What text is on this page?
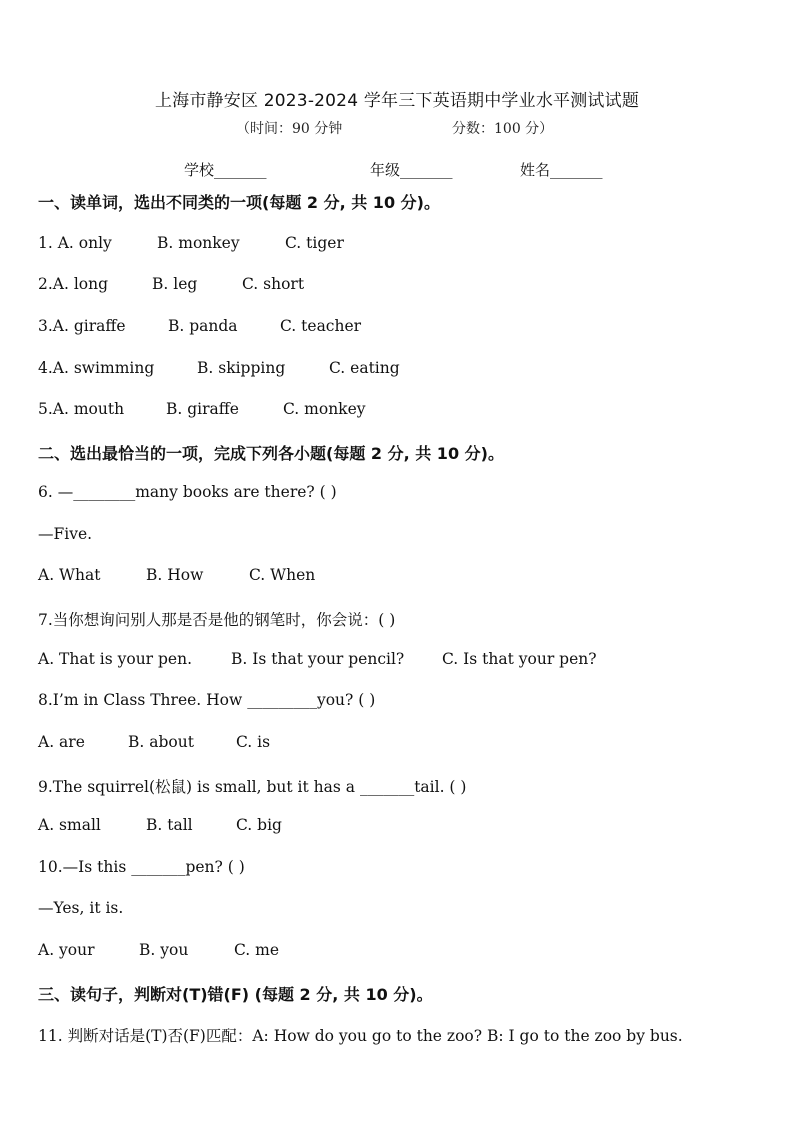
上海市静安区 2023-2024 学年三下英语期中学业水平测试试题
（时间：90 分钟	分数：100 分）
学校_______	年级_______	姓名_______
一、读单词，选出不同类的一项(每题 2 分, 共 10 分)。
1. A. only	B. monkey	C. tiger
2.A. long	B. leg	C. short
3.A. giraffe	B. panda	C. teacher
4.A. swimming	B. skipping	C. eating
5.A. mouth	B. giraffe	C. monkey
二、选出最恰当的一项，完成下列各小题(每题 2 分, 共 10 分)。
6. —________many books are there? ( )
—Five.
A. What	B. How	C. When
7.当你想询问别人那是否是他的钢笔时，你会说：( )
A. That is your pen.	B. Is that your pencil? C. Is that your pen?
8.I’m in Class Three. How _________you? ( )
A. are	B. about	C. is
9.The squirrel(松鼠) is small, but it has a _______tail. ( )
A. small	B. tall	C. big
10.—Is this _______pen? ( )
—Yes, it is.
A. your	B. you	C. me
三、读句子，判断对(T)错(F) (每题 2 分, 共 10 分)。
11. 判断对话是(T)否(F)匹配：A: How do you go to the zoo? B: I go to the zoo by bus.
